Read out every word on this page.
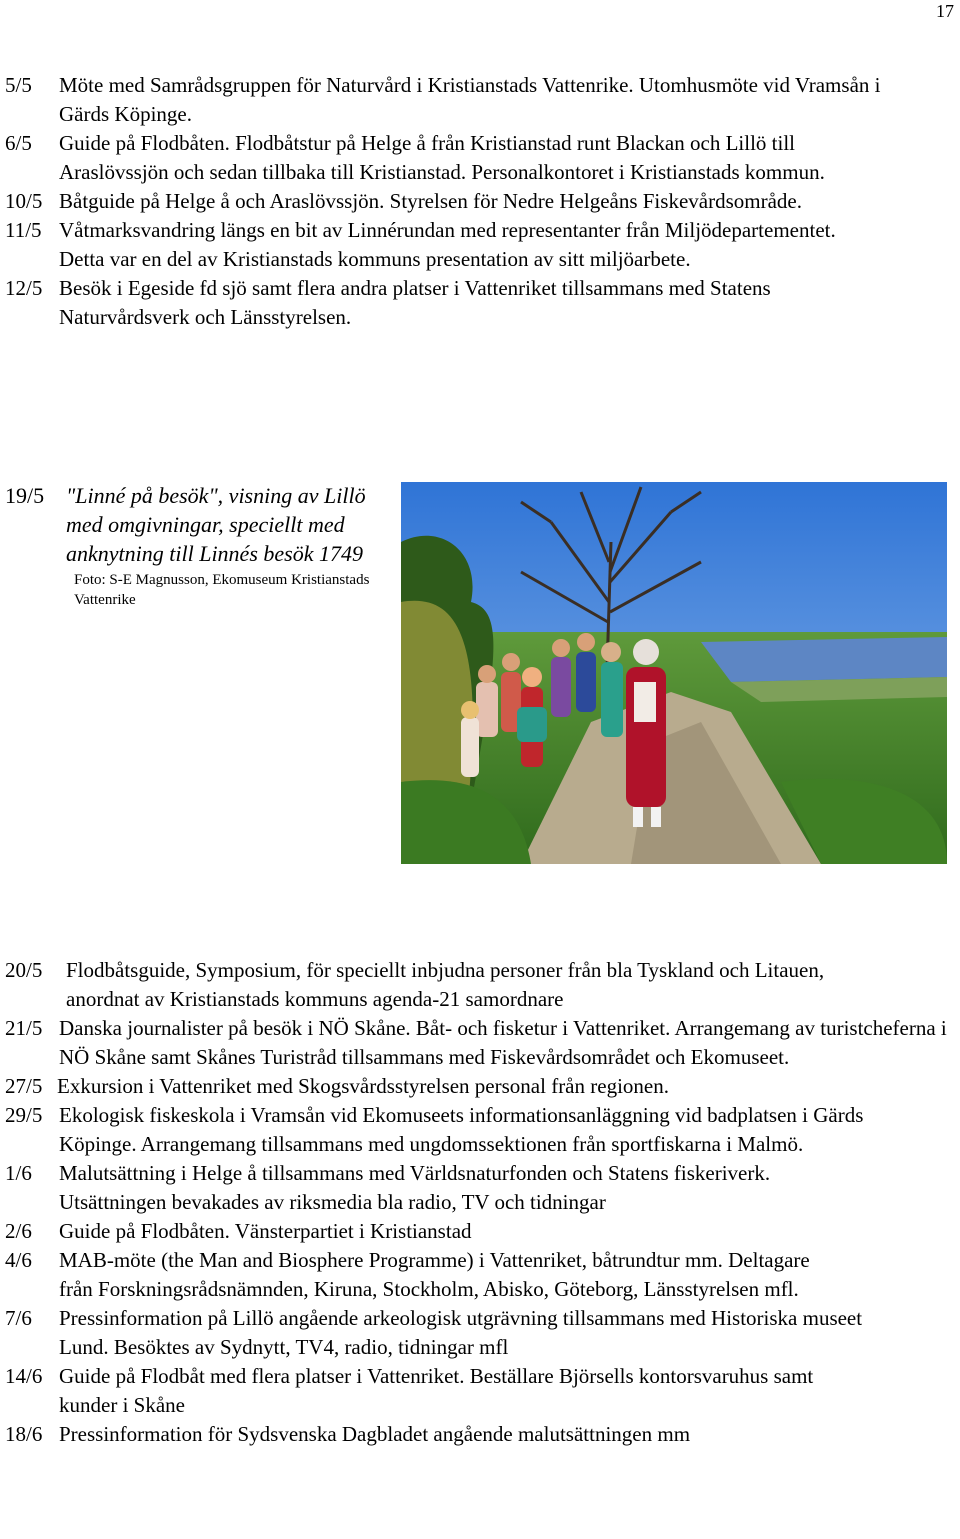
17
5/5	Möte med Samrådsgruppen för Naturvård i Kristianstads Vattenrike. Utomhusmöte vid Vramsån i Gärds Köpinge.
6/5	Guide på Flodbåten. Flodbåtstur på Helge å från Kristianstad runt Blackan och Lillö till Araslövssjön och sedan tillbaka till Kristianstad. Personalkontoret i Kristianstads kommun.
10/5 Båtguide på Helge å och Araslövssjön. Styrelsen för Nedre Helgeåns Fiskevårdsområde.
11/5 Våtmarksvandring längs en bit av Linnérundan med representanter från Miljödepartementet. Detta var en del av Kristianstads kommuns presentation av sitt miljöarbete.
12/5 Besök i Egeside fd sjö samt flera andra platser i Vattenriket tillsammans med Statens Naturvårdsverk och Länsstyrelsen.
19/5 "Linné på besök", visning av Lillö med omgivningar, speciellt med anknytning till Linnés besök 1749
Foto: S-E Magnusson, Ekomuseum Kristianstads Vattenrike
20/5	Flodbåtsguide, Symposium, för speciellt inbjudna personer från bla Tyskland och Litauen, anordnat av Kristianstads kommuns agenda-21 samordnare
21/5 Danska journalister på besök i NÖ Skåne. Båt- och fisketur i Vattenriket. Arrangemang av turistcheferna i NÖ Skåne samt Skånes Turistråd tillsammans med Fiskevårdsområdet och Ekomuseet.
27/5 Exkursion i Vattenriket med Skogsvårdsstyrelsen personal från regionen.
29/5 Ekologisk fiskeskola i Vramsån vid Ekomuseets informationsanläggning vid badplatsen i Gärds Köpinge. Arrangemang tillsammans med ungdomssektionen från sportfiskarna i Malmö.
1/6	Malutsättning i Helge å tillsammans med Världsnaturfonden och Statens fiskeriverk. Utsättningen bevakades av riksmedia bla radio, TV och tidningar
2/6	Guide på Flodbåten. Vänsterpartiet i Kristianstad
4/6	MAB-möte (the Man and Biosphere Programme) i Vattenriket, båtrundtur mm. Deltagare från Forskningsrådsnämnden, Kiruna, Stockholm, Abisko, Göteborg, Länsstyrelsen mfl.
7/6	Pressinformation på Lillö angående arkeologisk utgrävning tillsammans med Historiska museet Lund. Besöktes av Sydnytt, TV4, radio, tidningar mfl
14/6 Guide på Flodbåt med flera platser i Vattenriket. Beställare Björsells kontorsvaruhus samt kunder i Skåne
18/6 Pressinformation för Sydsvenska Dagbladet angående malutsättningen mm
